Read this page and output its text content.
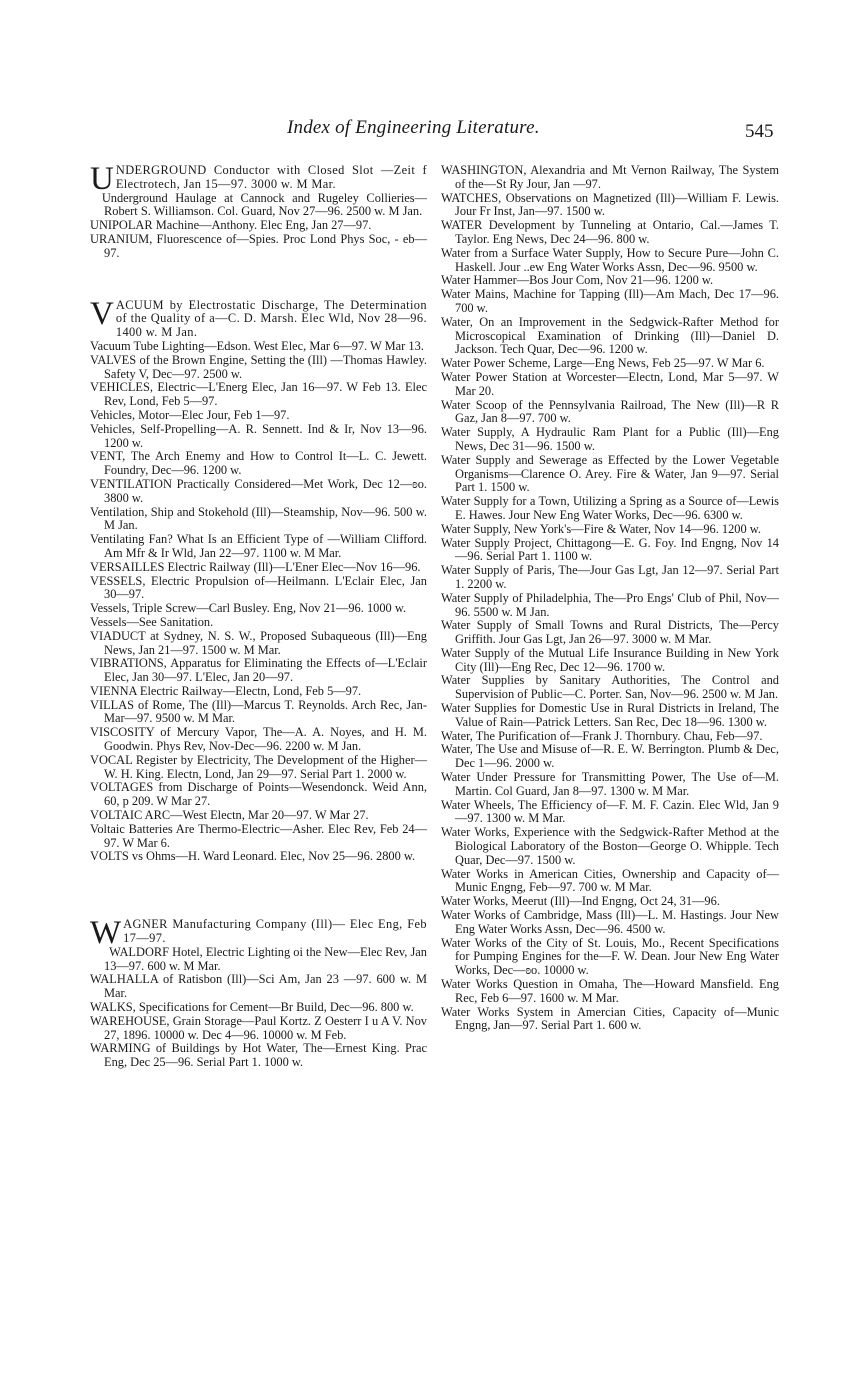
Index of Engineering Literature.	545
UNDERGROUND Conductor with Closed Slot —Zeit f Electrotech, Jan 15—97. 3000 w. M Mar.
Underground Haulage at Cannock and Rugeley Collieries—Robert S. Williamson. Col. Guard, Nov 27—96. 2500 w. M Jan.
UNIPOLAR Machine—Anthony. Elec Eng, Jan 27—97.
URANIUM, Fluorescence of—Spies. Proc Lond Phys Soc, - eb—97.
VACUUM by Electrostatic Discharge, The Determination of the Quality of a—C. D. Marsh. Elec Wld, Nov 28—96. 1400 w. M Jan.
Vacuum Tube Lighting—Edson. West Elec, Mar 6—97. W Mar 13.
VALVES of the Brown Engine, Setting the (Ill) —Thomas Hawley. Safety V, Dec—97. 2500 w.
VEHICLES, Electric—L'Energ Elec, Jan 16—97. W Feb 13. Elec Rev, Lond, Feb 5—97.
Vehicles, Motor—Elec Jour, Feb 1—97.
Vehicles, Self-Propelling—A. R. Sennett. Ind & Ir, Nov 13—96. 1200 w.
VENT, The Arch Enemy and How to Control It—L. C. Jewett. Foundry, Dec—96. 1200 w.
VENTILATION Practically Considered—Met Work, Dec 12—ʚo. 3800 w.
Ventilation, Ship and Stokehold (Ill)—Steamship, Nov—96. 500 w. M Jan.
Ventilating Fan? What Is an Efficient Type of —William Clifford. Am Mfr & Ir Wld, Jan 22—97. 1100 w. M Mar.
VERSAILLES Electric Railway (Ill)—L'Ener Elec—Nov 16—96.
VESSELS, Electric Propulsion of—Heilmann. L'Eclair Elec, Jan 30—97.
Vessels, Triple Screw—Carl Busley. Eng, Nov 21—96. 1000 w.
Vessels—See Sanitation.
VIADUCT at Sydney, N. S. W., Proposed Subaqueous (Ill)—Eng News, Jan 21—97. 1500 w. M Mar.
VIBRATIONS, Apparatus for Eliminating the Effects of—L'Eclair Elec, Jan 30—97. L'Elec, Jan 20—97.
VIENNA Electric Railway—Electn, Lond, Feb 5—97.
VILLAS of Rome, The (Ill)—Marcus T. Reynolds. Arch Rec, Jan-Mar—97. 9500 w. M Mar.
VISCOSITY of Mercury Vapor, The—A. A. Noyes, and H. M. Goodwin. Phys Rev, Nov-Dec—96. 2200 w. M Jan.
VOCAL Register by Electricity, The Development of the Higher—W. H. King. Electn, Lond, Jan 29—97. Serial Part 1. 2000 w.
VOLTAGES from Discharge of Points—Wesendonck. Weid Ann, 60, p 209. W Mar 27.
VOLTAIC ARC—West Electn, Mar 20—97. W Mar 27.
Voltaic Batteries Are Thermo-Electric—Asher. Elec Rev, Feb 24—97. W Mar 6.
VOLTS vs Ohms—H. Ward Leonard. Elec, Nov 25—96. 2800 w.
WAGNER Manufacturing Company (Ill)— Elec Eng, Feb 17—97.
WALDORF Hotel, Electric Lighting oi the New—Elec Rev, Jan 13—97. 600 w. M Mar.
WALHALLA of Ratisbon (Ill)—Sci Am, Jan 23 —97. 600 w. M Mar.
WALKS, Specifications for Cement—Br Build, Dec—96. 800 w.
WAREHOUSE, Grain Storage—Paul Kortz. Z Oesterr I u A V. Nov 27, 1896. 10000 w. Dec 4—96. 10000 w. M Feb.
WARMING of Buildings by Hot Water, The—Ernest King. Prac Eng, Dec 25—96. Serial Part 1. 1000 w.
WASHINGTON, Alexandria and Mt Vernon Railway, The System of the—St Ry Jour, Jan —97.
WATCHES, Observations on Magnetized (Ill)—William F. Lewis. Jour Fr Inst, Jan—97. 1500 w.
WATER Development by Tunneling at Ontario, Cal.—James T. Taylor. Eng News, Dec 24—96. 800 w.
Water from a Surface Water Supply, How to Secure Pure—John C. Haskell. Jour ..ew Eng Water Works Assn, Dec—96. 9500 w.
Water Hammer—Bos Jour Com, Nov 21—96. 1200 w.
Water Mains, Machine for Tapping (Ill)—Am Mach, Dec 17—96. 700 w.
Water, On an Improvement in the Sedgwick-Rafter Method for Microscopical Examination of Drinking (Ill)—Daniel D. Jackson. Tech Quar, Dec—96. 1200 w.
Water Power Scheme, Large—Eng News, Feb 25—97. W Mar 6.
Water Power Station at Worcester—Electn, Lond, Mar 5—97. W Mar 20.
Water Scoop of the Pennsylvania Railroad, The New (Ill)—R R Gaz, Jan 8—97. 700 w.
Water Supply, A Hydraulic Ram Plant for a Public (Ill)—Eng News, Dec 31—96. 1500 w.
Water Supply and Sewerage as Effected by the Lower Vegetable Organisms—Clarence O. Arey. Fire & Water, Jan 9—97. Serial Part 1. 1500 w.
Water Supply for a Town, Utilizing a Spring as a Source of—Lewis E. Hawes. Jour New Eng Water Works, Dec—96. 6300 w.
Water Supply, New York's—Fire & Water, Nov 14—96. 1200 w.
Water Supply Project, Chittagong—E. G. Foy. Ind Engng, Nov 14—96. Serial Part 1. 1100 w.
Water Supply of Paris, The—Jour Gas Lgt, Jan 12—97. Serial Part 1. 2200 w.
Water Supply of Philadelphia, The—Pro Engs' Club of Phil, Nov—96. 5500 w. M Jan.
Water Supply of Small Towns and Rural Districts, The—Percy Griffith. Jour Gas Lgt, Jan 26—97. 3000 w. M Mar.
Water Supply of the Mutual Life Insurance Building in New York City (Ill)—Eng Rec, Dec 12—96. 1700 w.
Water Supplies by Sanitary Authorities, The Control and Supervision of Public—C. Porter. San, Nov—96. 2500 w. M Jan.
Water Supplies for Domestic Use in Rural Districts in Ireland, The Value of Rain—Patrick Letters. San Rec, Dec 18—96. 1300 w.
Water, The Purification of—Frank J. Thornbury. Chau, Feb—97.
Water, The Use and Misuse of—R. E. W. Berrington. Plumb & Dec, Dec 1—96. 2000 w.
Water Under Pressure for Transmitting Power, The Use of—M. Martin. Col Guard, Jan 8—97. 1300 w. M Mar.
Water Wheels, The Efficiency of—F. M. F. Cazin. Elec Wld, Jan 9—97. 1300 w. M Mar.
Water Works, Experience with the Sedgwick-Rafter Method at the Biological Laboratory of the Boston—George O. Whipple. Tech Quar, Dec—97. 1500 w.
Water Works in American Cities, Ownership and Capacity of—Munic Engng, Feb—97. 700 w. M Mar.
Water Works, Meerut (Ill)—Ind Engng, Oct 24, 31—96.
Water Works of Cambridge, Mass (Ill)—L. M. Hastings. Jour New Eng Water Works Assn, Dec—96. 4500 w.
Water Works of the City of St. Louis, Mo., Recent Specifications for Pumping Engines for the—F. W. Dean. Jour New Eng Water Works, Dec—ʚo. 10000 w.
Water Works Question in Omaha, The—Howard Mansfield. Eng Rec, Feb 6—97. 1600 w. M Mar.
Water Works System in Amercian Cities, Capacity of—Munic Engng, Jan—97. Serial Part 1. 600 w.
